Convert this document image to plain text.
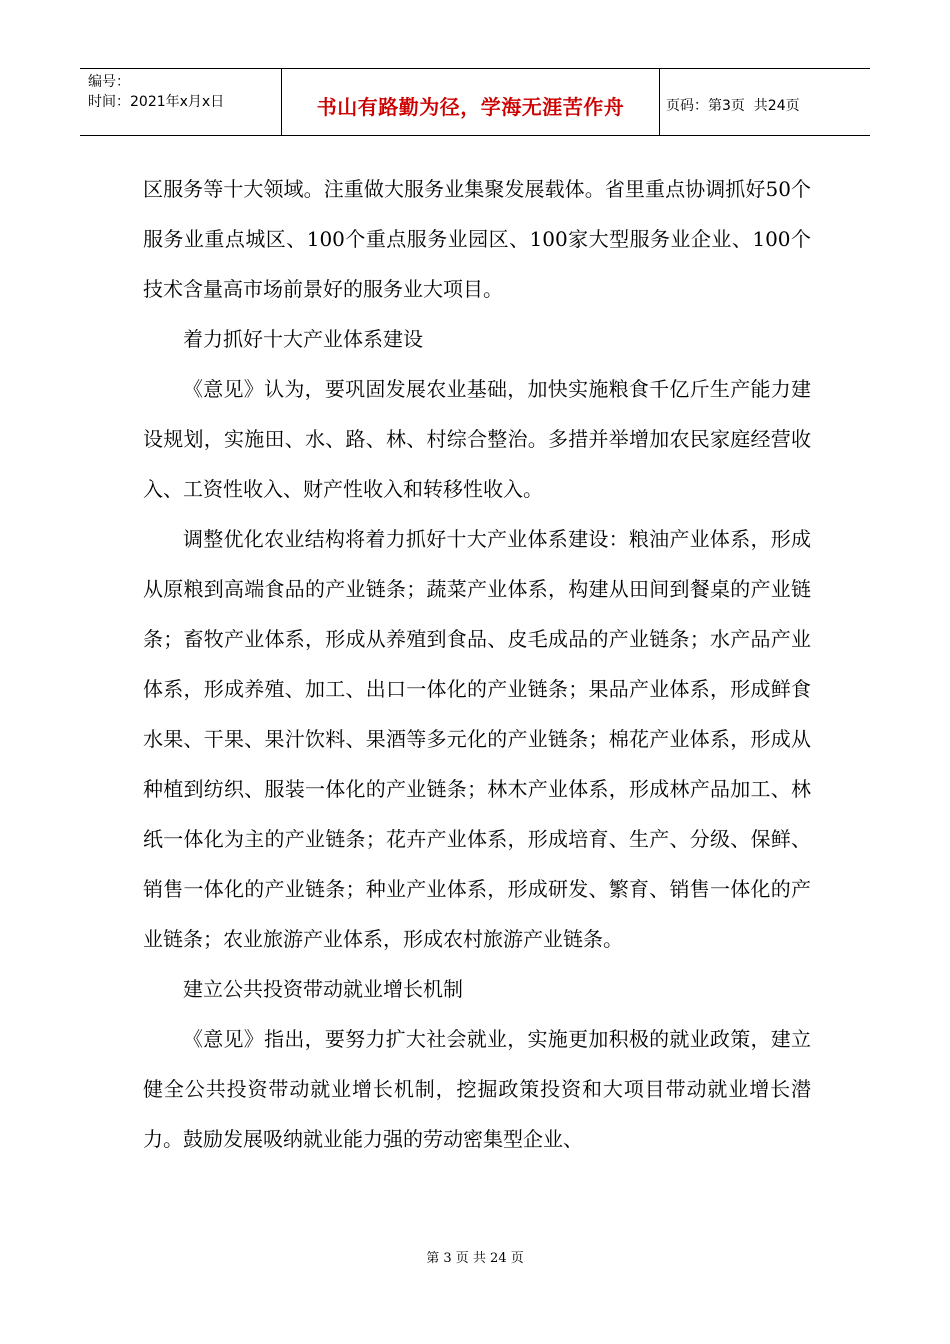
编号：
时间：2021年x月x日	书山有路勤为径，学海无涯苦作舟	页码：第3页  共24页

区服务等十大领域。注重做大服务业集聚发展载体。省里重点协调抓好50个服务业重点城区、100个重点服务业园区、100家大型服务业企业、100个技术含量高市场前景好的服务业大项目。

着力抓好十大产业体系建设

《意见》认为，要巩固发展农业基础，加快实施粮食千亿斤生产能力建设规划，实施田、水、路、林、村综合整治。多措并举增加农民家庭经营收入、工资性收入、财产性收入和转移性收入。

调整优化农业结构将着力抓好十大产业体系建设：粮油产业体系，形成从原粮到高端食品的产业链条；蔬菜产业体系，构建从田间到餐桌的产业链条；畜牧产业体系，形成从养殖到食品、皮毛成品的产业链条；水产品产业体系，形成养殖、加工、出口一体化的产业链条；果品产业体系，形成鲜食水果、干果、果汁饮料、果酒等多元化的产业链条；棉花产业体系，形成从种植到纺织、服装一体化的产业链条；林木产业体系，形成林产品加工、林纸一体化为主的产业链条；花卉产业体系，形成培育、生产、分级、保鲜、销售一体化的产业链条；种业产业体系，形成研发、繁育、销售一体化的产业链条；农业旅游产业体系，形成农村旅游产业链条。

建立公共投资带动就业增长机制

《意见》指出，要努力扩大社会就业，实施更加积极的就业政策，建立健全公共投资带动就业增长机制，挖掘政策投资和大项目带动就业增长潜力。鼓励发展吸纳就业能力强的劳动密集型企业、

第 3 页 共 24 页
